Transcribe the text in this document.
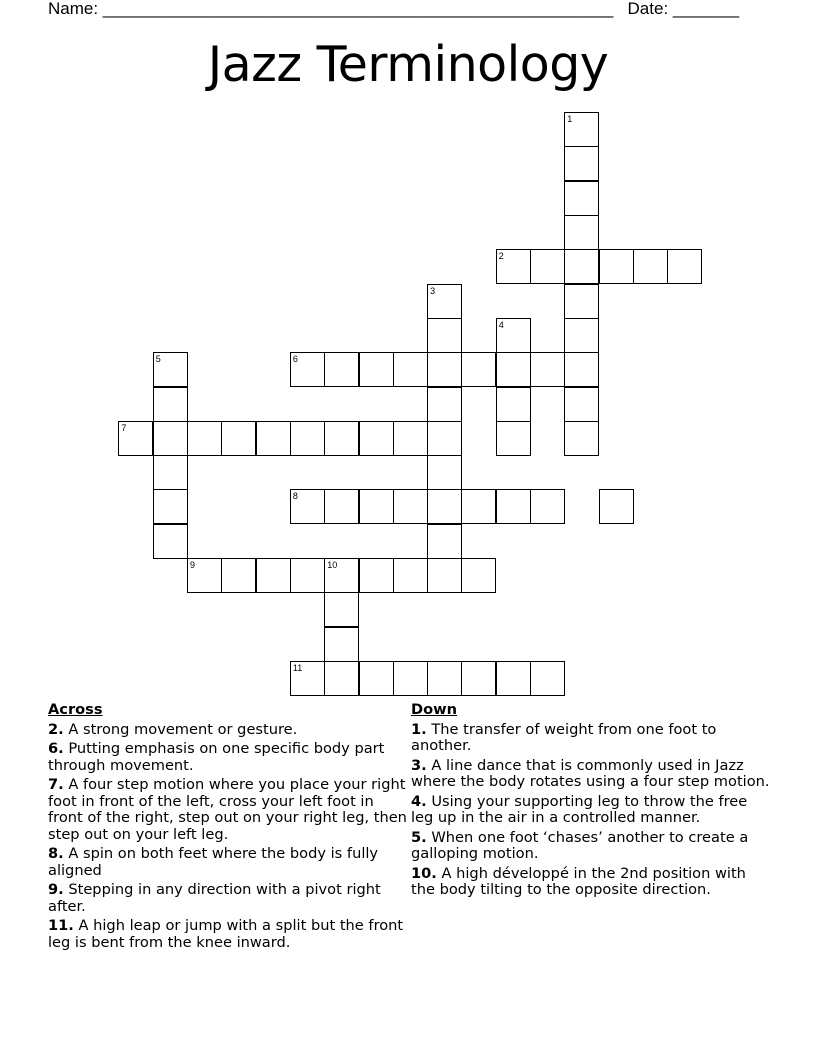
Name: ______________________________________________________ Date: _______
Jazz Terminology
1
2
3
4
5	6
7
8
9	10
11
Across
2. A strong movement or gesture.
6. Putting emphasis on one specific body part through movement.
7. A four step motion where you place your right foot in front of the left, cross your left foot in front of the right, step out on your right leg, then step out on your left leg.
8. A spin on both feet where the body is fully aligned
9. Stepping in any direction with a pivot right after.
11. A high leap or jump with a split but the front leg is bent from the knee inward.
Down
1. The transfer of weight from one foot to another.
3. A line dance that is commonly used in Jazz where the body rotates using a four step motion.
4. Using your supporting leg to throw the free leg up in the air in a controlled manner.
5. When one foot ‘chases’ another to create a galloping motion.
10. A high développé in the 2nd position with the body tilting to the opposite direction.
